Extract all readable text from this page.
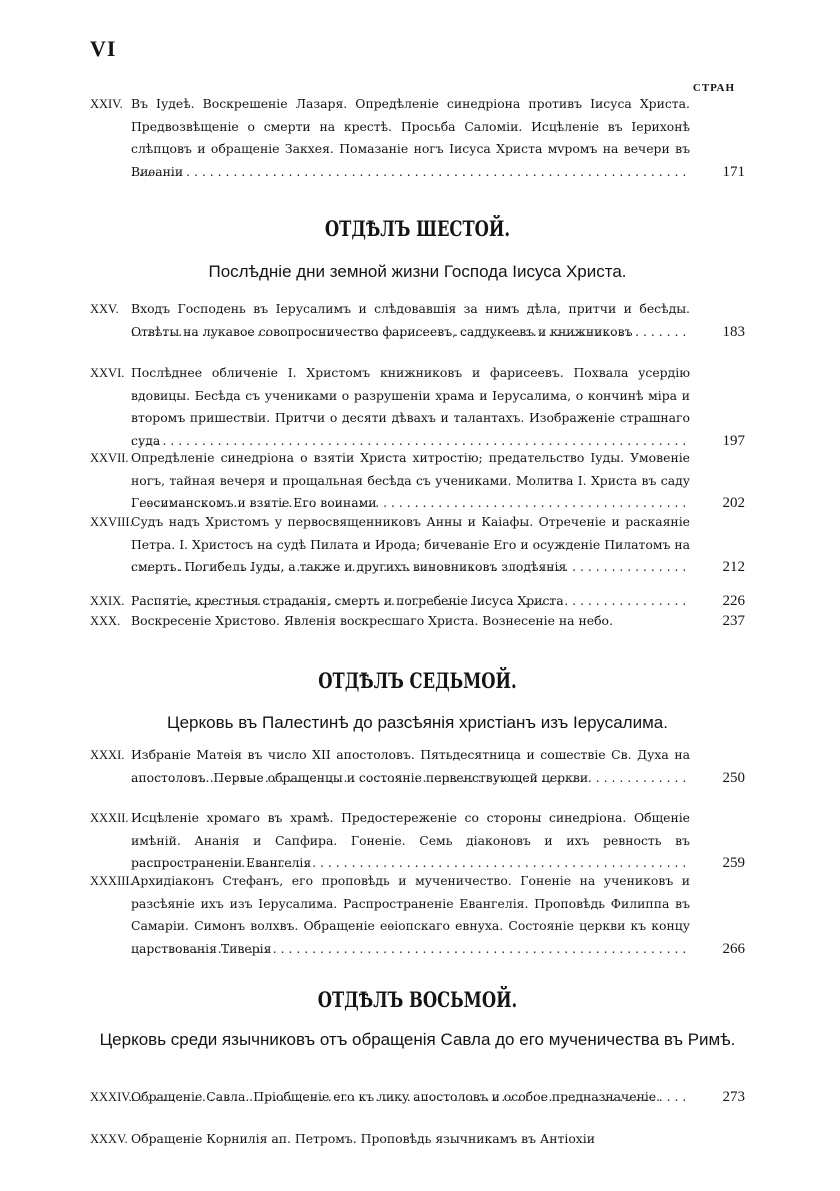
VI
СТРАН
XXIV. Въ Іудеѣ. Воскрешеніе Лазаря. Опредѣленіе синедріона противъ Іисуса Христа. Предвозвѣщеніе о смерти на крестѣ. Просьба Саломіи. Исцѣленіе въ Іерихонѣ слѣпцовъ и обращеніе Закхея. Помазаніе ногъ Іисуса Христа мvромъ на вечери въ Виѳаніи . . .	171
ОТДѢЛЪ ШЕСТОЙ.
Послѣдніе дни земной жизни Господа Іисуса Христа.
XXV. Входъ Господень въ Іерусалимъ и слѣдовавшія за нимъ дѣла, притчи и бесѣды. Отвѣты на лукавое совопросничество фарисеевъ, саддукеевъ и книжниковъ . . .	183
XXVI. Послѣднее обличеніе І. Христомъ книжниковъ и фарисеевъ. Похвала усердію вдовицы. Бесѣда съ учениками о разрушеніи храма и Іерусалима, о кончинѣ міра и второмъ пришествіи. Притчи о десяти дѣвахъ и талантахъ. Изображеніе страшнаго суда . . .	197
XXVII. Опредѣленіе синедріона о взятіи Христа хитростію; предательство Іуды. Умовеніе ногъ, тайная вечеря и прощальная бесѣда съ учениками. Молитва І. Христа въ саду Геѳсиманскомъ и взятіе Его воинами . . .	202
XXVIII.
Судъ надъ Христомъ у первосвященниковъ Анны и Каіафы. Отреченіе и раскаяніе Петра. І. Христосъ на судѣ Пилата и Ирода; бичеваніе Его и осужденіе Пилатомъ на смерть. Погибель Іуды, а также и другихъ виновниковъ злодѣянія . . .	212
XXIX. Распятіе, крестныя страданія, смерть и погребеніе Іисуса Христа . . .	226
XXX. Воскресеніе Христово. Явленія воскресшаго Христа. Вознесеніе на небо.	237
ОТДѢЛЪ СЕДЬМОЙ.
Церковь въ Палестинѣ до разсѣянія христіанъ изъ Іерусалима.
XXXI. Избраніе Матѳія въ число XII апостоловъ. Пятьдесятница и сошествіе Св. Духа на апостоловъ. Первые обращенцы и состояніе первенствующей церкви . . .	250
XXXII. Исцѣленіе хромаго въ храмѣ. Предостереженіе со стороны синедріона. Общеніе имѣній. Ананія и Сапфира. Гоненіе. Семь діаконовъ и ихъ ревность въ распространеніи Евангелія . . .	259
XXXIII.
Архидіаконъ Стефанъ, его проповѣдь и мученичество. Гоненіе на учениковъ и разсѣяніе ихъ изъ Іерусалима. Распространеніе Евангелія. Проповѣдь Филиппа въ Самаріи. Симонъ волхвъ. Обращеніе еѳіопскаго евнуха. Состояніе церкви къ концу царствованія Тиверія . . .	266
ОТДѢЛЪ ВОСЬМОЙ.
Церковь среди язычниковъ отъ обращенія Савла до его мученичества въ Римѣ.
XXXIV. Обращеніе Савла. Пріобщеніе его къ лику апостоловъ и особое предназначеніе. . . .	273
XXXV. Обращеніе Корнилія ап. Петромъ. Проповѣдь язычникамъ въ Антіохіи
